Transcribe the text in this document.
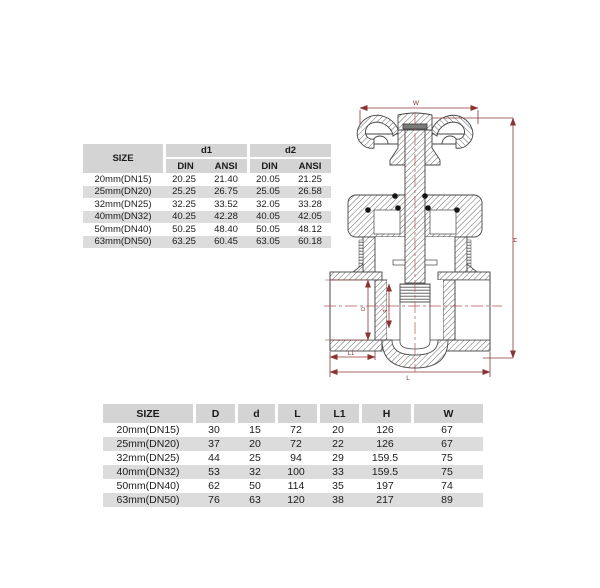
SIZE	d1		d2	
	DIN	ANSI	DIN	ANSI
20mm(DN15)	20.25	21.40	20.05	21.25
25mm(DN20)	25.25	26.75	25.05	26.58
32mm(DN25)	32.25	33.52	32.05	33.28
40mm(DN32)	40.25	42.28	40.05	42.05
50mm(DN40)	50.25	48.40	50.05	48.12
63mm(DN50)	63.25	60.45	63.05	60.18
W
H
L
L1
D
d
SIZE	D	d	L	L1	H	W
20mm(DN15)	30	15	72	20	126	67
25mm(DN20)	37	20	72	22	126	67
32mm(DN25)	44	25	94	29	159.5	75
40mm(DN32)	53	32	100	33	159.5	75
50mm(DN40)	62	50	114	35	197	74
63mm(DN50)	76	63	120	38	217	89
